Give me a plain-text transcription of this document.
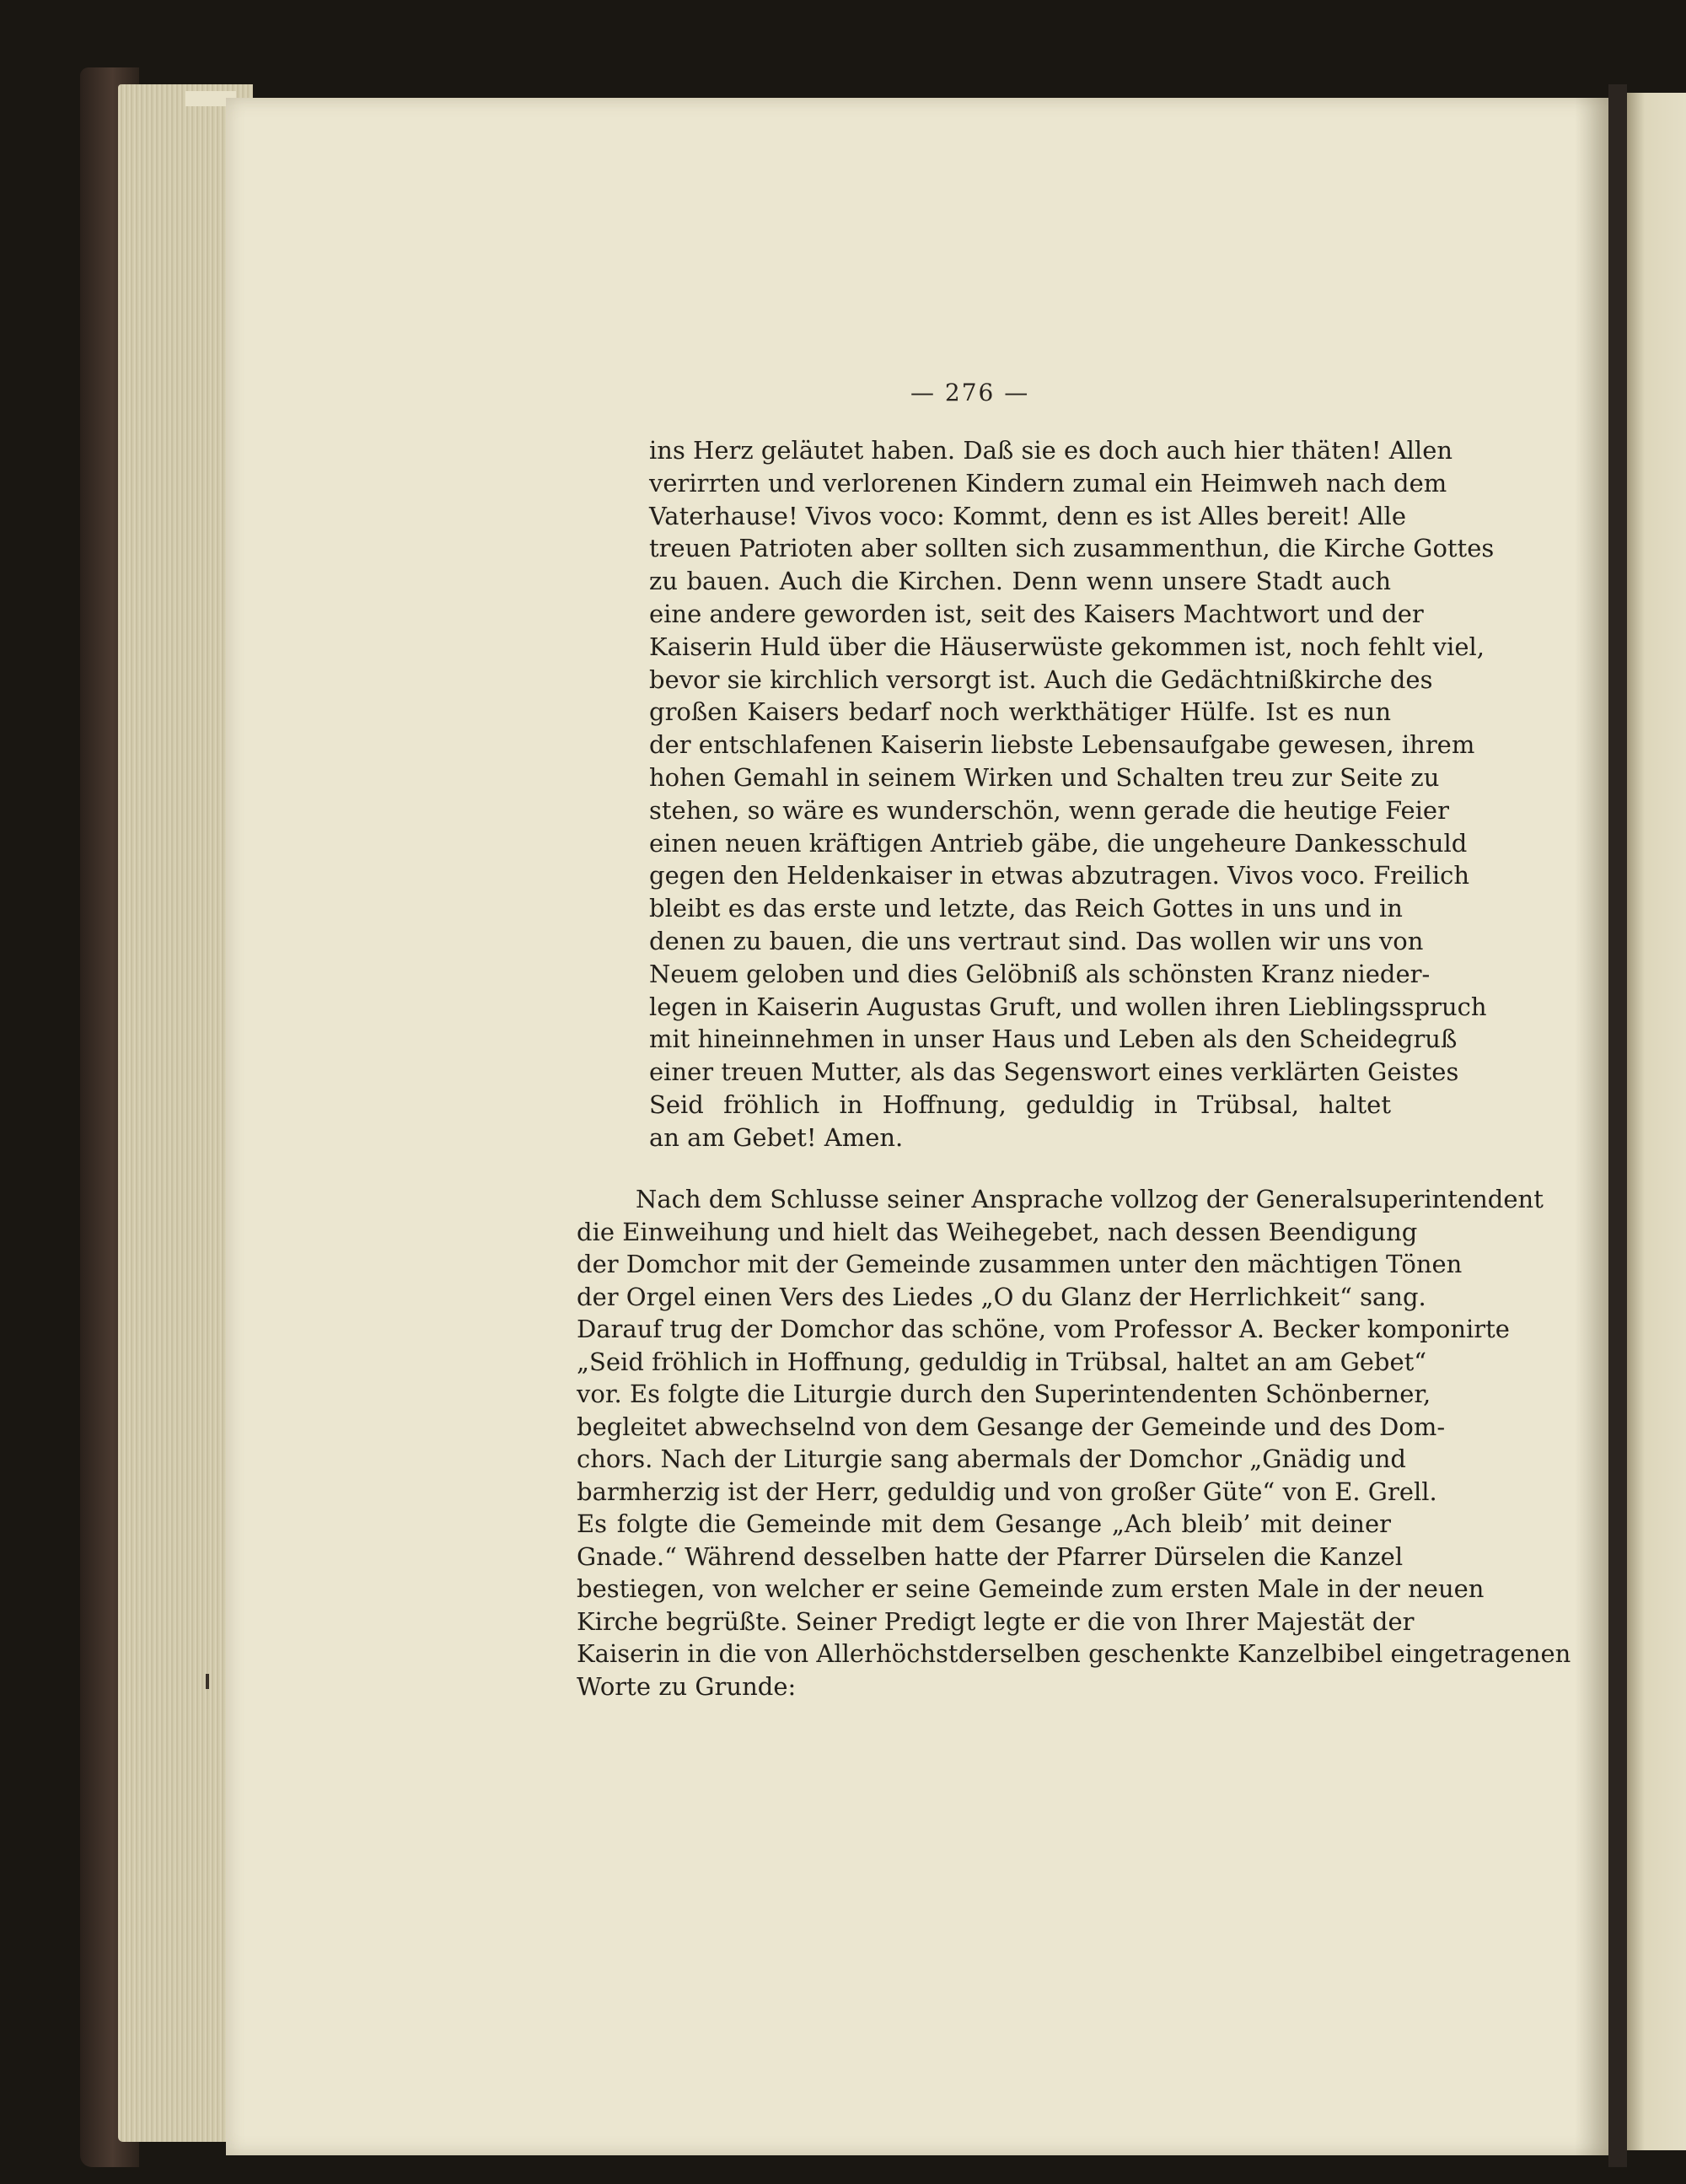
— 276 —
ins Herz geläutet haben. Daß sie es doch auch hier thäten! Allen
verirrten und verlorenen Kindern zumal ein Heimweh nach dem
Vaterhause! Vivos voco: Kommt, denn es ist Alles bereit! Alle
treuen Patrioten aber sollten sich zusammenthun, die Kirche Gottes
zu bauen. Auch die Kirchen. Denn wenn unsere Stadt auch
eine andere geworden ist, seit des Kaisers Machtwort und der
Kaiserin Huld über die Häuserwüste gekommen ist, noch fehlt viel,
bevor sie kirchlich versorgt ist. Auch die Gedächtnißkirche des
großen Kaisers bedarf noch werkthätiger Hülfe. Ist es nun
der entschlafenen Kaiserin liebste Lebensaufgabe gewesen, ihrem
hohen Gemahl in seinem Wirken und Schalten treu zur Seite zu
stehen, so wäre es wunderschön, wenn gerade die heutige Feier
einen neuen kräftigen Antrieb gäbe, die ungeheure Dankesschuld
gegen den Heldenkaiser in etwas abzutragen. Vivos voco. Freilich
bleibt es das erste und letzte, das Reich Gottes in uns und in
denen zu bauen, die uns vertraut sind. Das wollen wir uns von
Neuem geloben und dies Gelöbniß als schönsten Kranz nieder-
legen in Kaiserin Augustas Gruft, und wollen ihren Lieblingsspruch
mit hineinnehmen in unser Haus und Leben als den Scheidegruß
einer treuen Mutter, als das Segenswort eines verklärten Geistes
Seid fröhlich in Hoffnung, geduldig in Trübsal, haltet
an am Gebet! Amen.
Nach dem Schlusse seiner Ansprache vollzog der Generalsuperintendent
die Einweihung und hielt das Weihegebet, nach dessen Beendigung
der Domchor mit der Gemeinde zusammen unter den mächtigen Tönen
der Orgel einen Vers des Liedes „O du Glanz der Herrlichkeit“ sang.
Darauf trug der Domchor das schöne, vom Professor A. Becker komponirte
„Seid fröhlich in Hoffnung, geduldig in Trübsal, haltet an am Gebet“
vor. Es folgte die Liturgie durch den Superintendenten Schönberner,
begleitet abwechselnd von dem Gesange der Gemeinde und des Dom-
chors. Nach der Liturgie sang abermals der Domchor „Gnädig und
barmherzig ist der Herr, geduldig und von großer Güte“ von E. Grell.
Es folgte die Gemeinde mit dem Gesange „Ach bleib’ mit deiner
Gnade.“ Während desselben hatte der Pfarrer Dürselen die Kanzel
bestiegen, von welcher er seine Gemeinde zum ersten Male in der neuen
Kirche begrüßte. Seiner Predigt legte er die von Ihrer Majestät der
Kaiserin in die von Allerhöchstderselben geschenkte Kanzelbibel eingetragenen
Worte zu Grunde:
